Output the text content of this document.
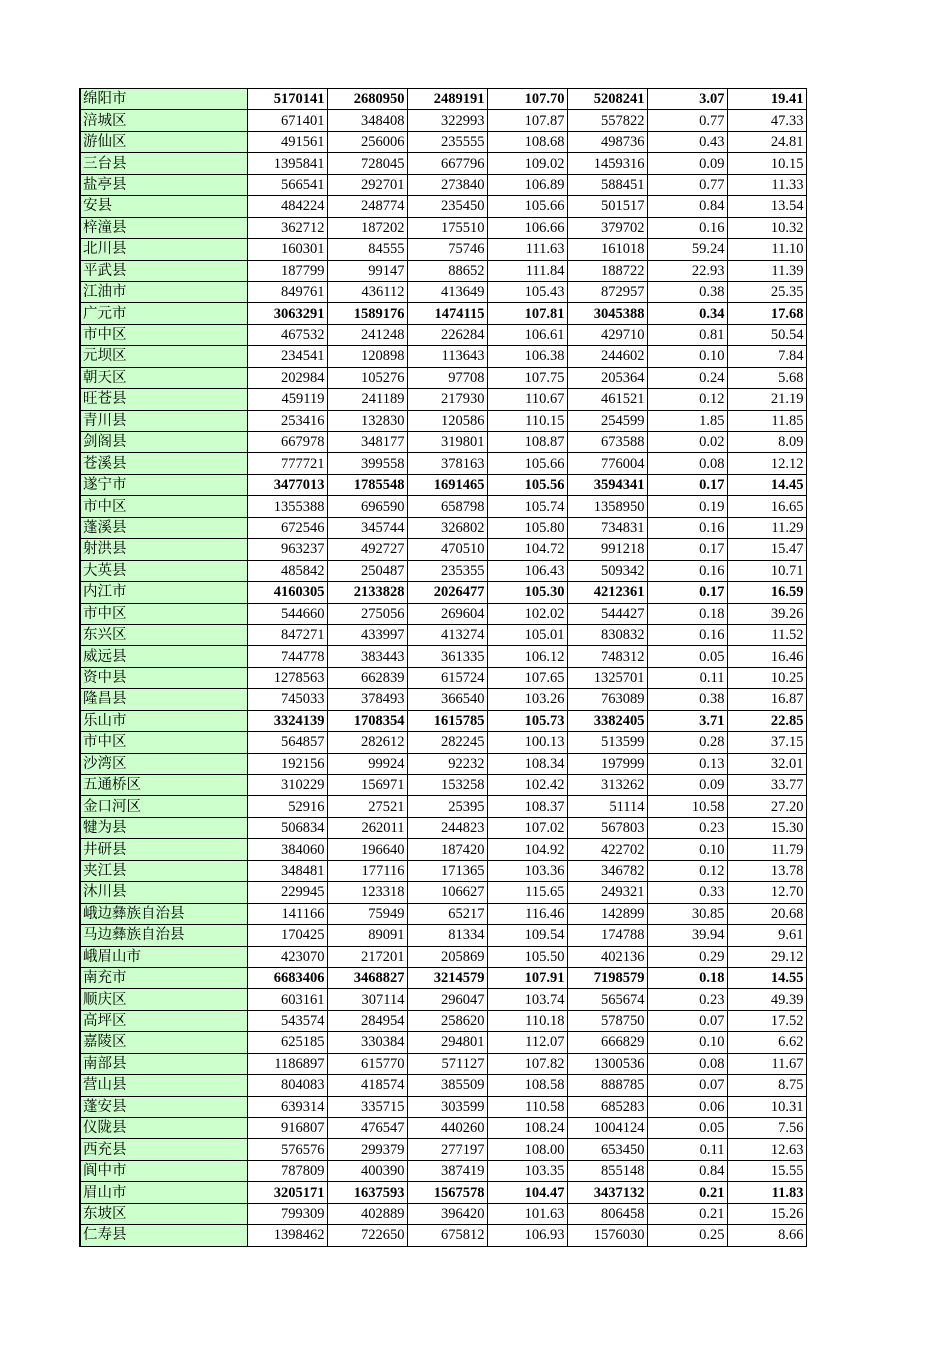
绵阳市	5170141	2680950	2489191	107.70	5208241	3.07	19.41
涪城区	671401	348408	322993	107.87	557822	0.77	47.33
游仙区	491561	256006	235555	108.68	498736	0.43	24.81
三台县	1395841	728045	667796	109.02	1459316	0.09	10.15
盐亭县	566541	292701	273840	106.89	588451	0.77	11.33
安县	484224	248774	235450	105.66	501517	0.84	13.54
梓潼县	362712	187202	175510	106.66	379702	0.16	10.32
北川县	160301	84555	75746	111.63	161018	59.24	11.10
平武县	187799	99147	88652	111.84	188722	22.93	11.39
江油市	849761	436112	413649	105.43	872957	0.38	25.35
广元市	3063291	1589176	1474115	107.81	3045388	0.34	17.68
市中区	467532	241248	226284	106.61	429710	0.81	50.54
元坝区	234541	120898	113643	106.38	244602	0.10	7.84
朝天区	202984	105276	97708	107.75	205364	0.24	5.68
旺苍县	459119	241189	217930	110.67	461521	0.12	21.19
青川县	253416	132830	120586	110.15	254599	1.85	11.85
剑阁县	667978	348177	319801	108.87	673588	0.02	8.09
苍溪县	777721	399558	378163	105.66	776004	0.08	12.12
遂宁市	3477013	1785548	1691465	105.56	3594341	0.17	14.45
市中区	1355388	696590	658798	105.74	1358950	0.19	16.65
蓬溪县	672546	345744	326802	105.80	734831	0.16	11.29
射洪县	963237	492727	470510	104.72	991218	0.17	15.47
大英县	485842	250487	235355	106.43	509342	0.16	10.71
内江市	4160305	2133828	2026477	105.30	4212361	0.17	16.59
市中区	544660	275056	269604	102.02	544427	0.18	39.26
东兴区	847271	433997	413274	105.01	830832	0.16	11.52
威远县	744778	383443	361335	106.12	748312	0.05	16.46
资中县	1278563	662839	615724	107.65	1325701	0.11	10.25
隆昌县	745033	378493	366540	103.26	763089	0.38	16.87
乐山市	3324139	1708354	1615785	105.73	3382405	3.71	22.85
市中区	564857	282612	282245	100.13	513599	0.28	37.15
沙湾区	192156	99924	92232	108.34	197999	0.13	32.01
五通桥区	310229	156971	153258	102.42	313262	0.09	33.77
金口河区	52916	27521	25395	108.37	51114	10.58	27.20
犍为县	506834	262011	244823	107.02	567803	0.23	15.30
井研县	384060	196640	187420	104.92	422702	0.10	11.79
夹江县	348481	177116	171365	103.36	346782	0.12	13.78
沐川县	229945	123318	106627	115.65	249321	0.33	12.70
峨边彝族自治县	141166	75949	65217	116.46	142899	30.85	20.68
马边彝族自治县	170425	89091	81334	109.54	174788	39.94	9.61
峨眉山市	423070	217201	205869	105.50	402136	0.29	29.12
南充市	6683406	3468827	3214579	107.91	7198579	0.18	14.55
顺庆区	603161	307114	296047	103.74	565674	0.23	49.39
高坪区	543574	284954	258620	110.18	578750	0.07	17.52
嘉陵区	625185	330384	294801	112.07	666829	0.10	6.62
南部县	1186897	615770	571127	107.82	1300536	0.08	11.67
营山县	804083	418574	385509	108.58	888785	0.07	8.75
蓬安县	639314	335715	303599	110.58	685283	0.06	10.31
仪陇县	916807	476547	440260	108.24	1004124	0.05	7.56
西充县	576576	299379	277197	108.00	653450	0.11	12.63
阆中市	787809	400390	387419	103.35	855148	0.84	15.55
眉山市	3205171	1637593	1567578	104.47	3437132	0.21	11.83
东坡区	799309	402889	396420	101.63	806458	0.21	15.26
仁寿县	1398462	722650	675812	106.93	1576030	0.25	8.66
